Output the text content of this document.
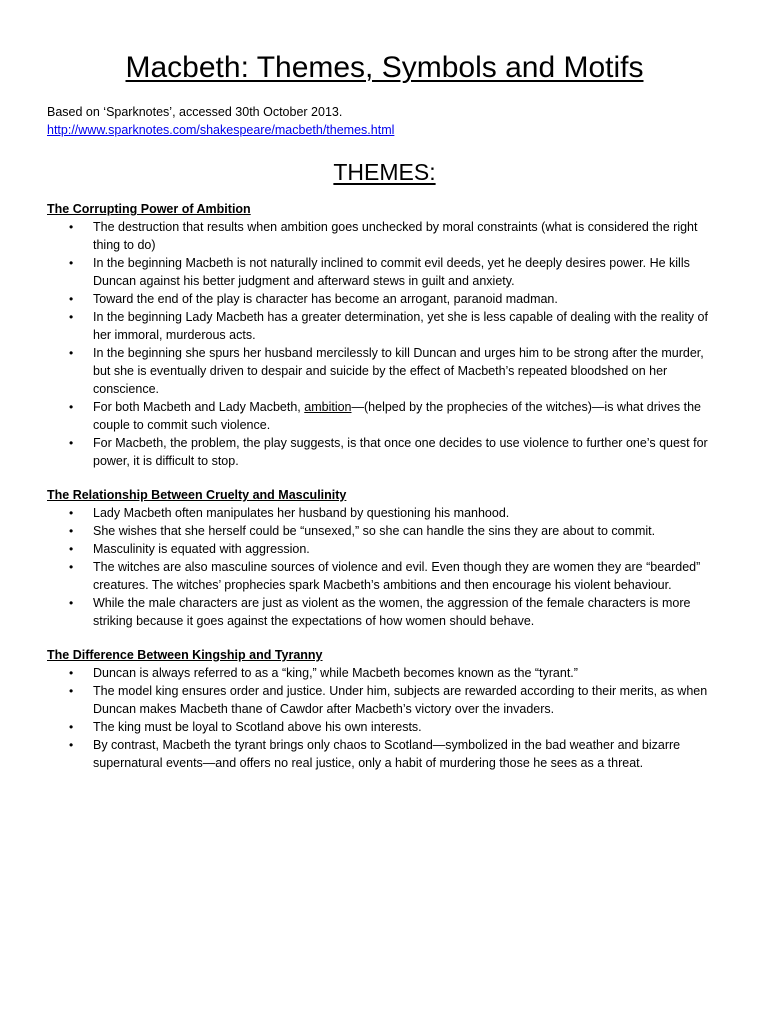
Macbeth: Themes, Symbols and Motifs
Based on ‘Sparknotes’, accessed 30th October 2013.
http://www.sparknotes.com/shakespeare/macbeth/themes.html
THEMES:
The Corrupting Power of Ambition
• The destruction that results when ambition goes unchecked by moral constraints (what is considered the right thing to do)
• In the beginning Macbeth is not naturally inclined to commit evil deeds, yet he deeply desires power. He kills Duncan against his better judgment and afterward stews in guilt and anxiety.
• Toward the end of the play is character has become an arrogant, paranoid madman.
• In the beginning Lady Macbeth has a greater determination, yet she is less capable of dealing with the reality of her immoral, murderous acts.
• In the beginning she spurs her husband mercilessly to kill Duncan and urges him to be strong after the murder, but she is eventually driven to despair and suicide by the effect of Macbeth’s repeated bloodshed on her conscience.
• For both Macbeth and Lady Macbeth, ambition—(helped by the prophecies of the witches)—is what drives the couple to commit such violence.
• For Macbeth, the problem, the play suggests, is that once one decides to use violence to further one’s quest for power, it is difficult to stop.
The Relationship Between Cruelty and Masculinity
• Lady Macbeth often manipulates her husband by questioning his manhood.
• She wishes that she herself could be “unsexed,” so she can handle the sins they are about to commit.
• Masculinity is equated with aggression.
• The witches are also masculine sources of violence and evil. Even though they are women they are “bearded” creatures. The witches’ prophecies spark Macbeth’s ambitions and then encourage his violent behaviour.
• While the male characters are just as violent as the women, the aggression of the female characters is more striking because it goes against the expectations of how women should behave.
The Difference Between Kingship and Tyranny
• Duncan is always referred to as a “king,” while Macbeth becomes known as the “tyrant.”
• The model king ensures order and justice. Under him, subjects are rewarded according to their merits, as when Duncan makes Macbeth thane of Cawdor after Macbeth’s victory over the invaders.
• The king must be loyal to Scotland above his own interests.
• By contrast, Macbeth the tyrant brings only chaos to Scotland—symbolized in the bad weather and bizarre supernatural events—and offers no real justice, only a habit of murdering those he sees as a threat.
